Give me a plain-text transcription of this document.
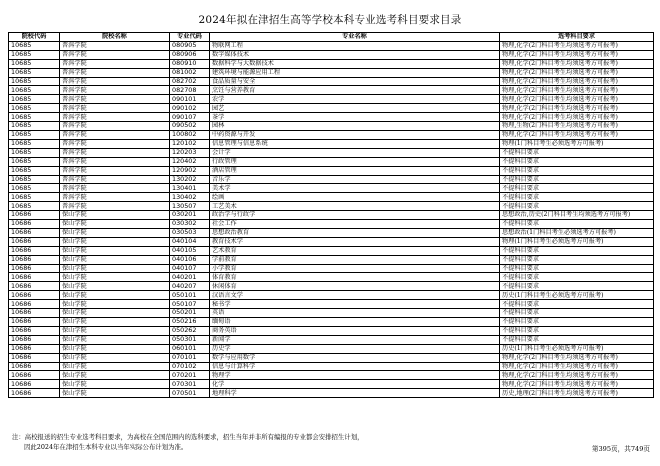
2024年拟在津招生高等学校本科专业选考科目要求目录
院校代码	院校名称	专业代码	专业名称	选考科目要求
10685	普洱学院	080905	物联网工程	物理,化学(2门科目考生均须选考方可报考)
10685	普洱学院	080906	数字媒体技术	物理,化学(2门科目考生均须选考方可报考)
10685	普洱学院	080910	数据科学与大数据技术	物理,化学(2门科目考生均须选考方可报考)
10685	普洱学院	081002	建筑环境与能源应用工程	物理,化学(2门科目考生均须选考方可报考)
10685	普洱学院	082702	食品质量与安全	物理,化学(2门科目考生均须选考方可报考)
10685	普洱学院	082708	烹饪与营养教育	物理,化学(2门科目考生均须选考方可报考)
10685	普洱学院	090101	农学	物理,化学(2门科目考生均须选考方可报考)
10685	普洱学院	090102	园艺	物理,化学(2门科目考生均须选考方可报考)
10685	普洱学院	090107	茶学	物理,化学(2门科目考生均须选考方可报考)
10685	普洱学院	090502	园林	物理,生物(2门科目考生均须选考方可报考)
10685	普洱学院	100802	中药资源与开发	物理,化学(2门科目考生均须选考方可报考)
10685	普洱学院	120102	信息管理与信息系统	物理(1门科目考生必须选考方可报考)
10685	普洱学院	120203	会计学	不提科目要求
10685	普洱学院	120402	行政管理	不提科目要求
10685	普洱学院	120902	酒店管理	不提科目要求
10685	普洱学院	130202	音乐学	不提科目要求
10685	普洱学院	130401	美术学	不提科目要求
10685	普洱学院	130402	绘画	不提科目要求
10685	普洱学院	130507	工艺美术	不提科目要求
10686	保山学院	030201	政治学与行政学	思想政治,历史(2门科目考生均须选考方可报考)
10686	保山学院	030302	社会工作	不提科目要求
10686	保山学院	030503	思想政治教育	思想政治(1门科目考生必须选考方可报考)
10686	保山学院	040104	教育技术学	物理(1门科目考生必须选考方可报考)
10686	保山学院	040105	艺术教育	不提科目要求
10686	保山学院	040106	学前教育	不提科目要求
10686	保山学院	040107	小学教育	不提科目要求
10686	保山学院	040201	体育教育	不提科目要求
10686	保山学院	040207	休闲体育	不提科目要求
10686	保山学院	050101	汉语言文学	历史(1门科目考生必须选考方可报考)
10686	保山学院	050107	秘书学	不提科目要求
10686	保山学院	050201	英语	不提科目要求
10686	保山学院	050216	缅甸语	不提科目要求
10686	保山学院	050262	商务英语	不提科目要求
10686	保山学院	050301	新闻学	不提科目要求
10686	保山学院	060101	历史学	历史(1门科目考生必须选考方可报考)
10686	保山学院	070101	数学与应用数学	物理,化学(2门科目考生均须选考方可报考)
10686	保山学院	070102	信息与计算科学	物理,化学(2门科目考生均须选考方可报考)
10686	保山学院	070201	物理学	物理,化学(2门科目考生均须选考方可报考)
10686	保山学院	070301	化学	物理,化学(2门科目考生均须选考方可报考)
10686	保山学院	070501	地理科学	历史,地理(2门科目考生均须选考方可报考)
注：高校报送的招生专业选考科目要求，为高校在全国范围内的选科要求，招生当年并非所有编报的专业都会安排招生计划，
因此2024年在津招生本科专业以当年实际公布计划为准。	第395页，共749页
